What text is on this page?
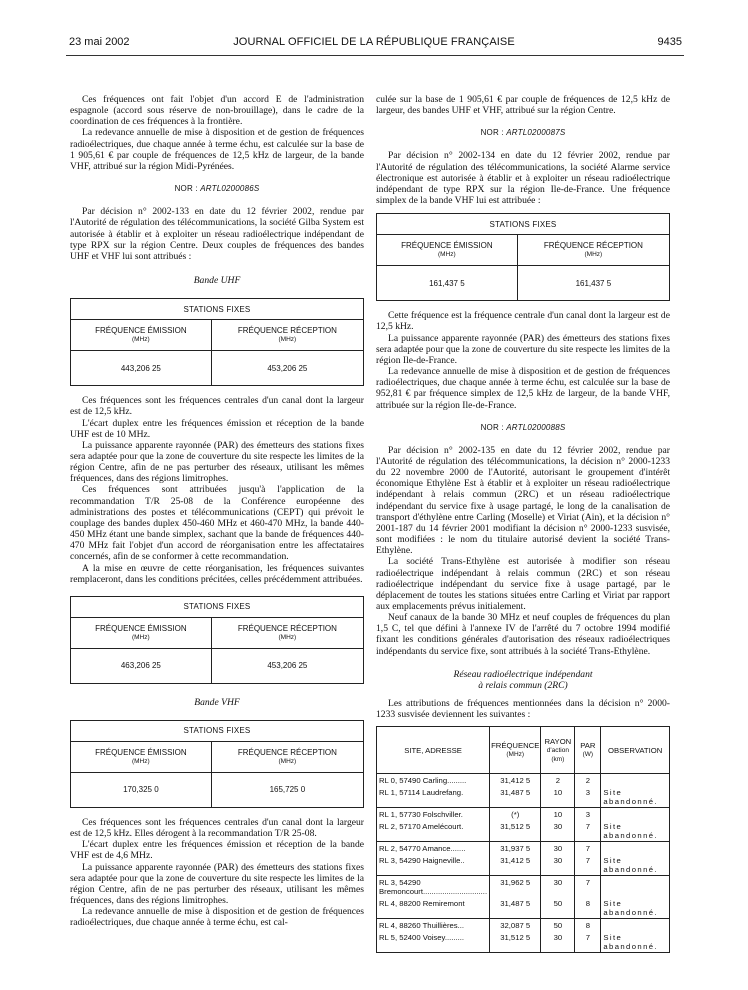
23 mai 2002	JOURNAL OFFICIEL DE LA RÉPUBLIQUE FRANÇAISE	9435

Ces fréquences ont fait l'objet d'un accord E de l'administration espagnole (accord sous réserve de non-brouillage), dans le cadre de la coordination de ces fréquences à la frontière.

La redevance annuelle de mise à disposition et de gestion de fréquences radioélectriques, due chaque année à terme échu, est calculée sur la base de 1 905,61 € par couple de fréquences de 12,5 kHz de largeur, de la bande VHF, attribué sur la région Midi-Pyrénées.

NOR : ARTL0200086S

Par décision n° 2002-133 en date du 12 février 2002, rendue par l'Autorité de régulation des télécommunications, la société Gilba System est autorisée à établir et à exploiter un réseau radioélectrique indépendant de type RPX sur la région Centre. Deux couples de fréquences des bandes UHF et VHF lui sont attribués :

Bande UHF
STATIONS FIXES	
FRÉQUENCE ÉMISSION
(MHz)	FRÉQUENCE RÉCEPTION
(MHz)

443,206 25	453,206 25

Ces fréquences sont les fréquences centrales d'un canal dont la largeur est de 12,5 kHz.

L'écart duplex entre les fréquences émission et réception de la bande UHF est de 10 MHz.

La puissance apparente rayonnée (PAR) des émetteurs des stations fixes sera adaptée pour que la zone de couverture du site respecte les limites de la région Centre, afin de ne pas perturber des réseaux, utilisant les mêmes fréquences, dans des régions limitrophes.

Ces fréquences sont attribuées jusqu'à l'application de la recommandation T/R 25-08 de la Conférence européenne des administrations des postes et télécommunications (CEPT) qui prévoit le couplage des bandes duplex 450-460 MHz et 460-470 MHz, la bande 440-450 MHz étant une bande simplex, sachant que la bande de fréquences 440-470 MHz fait l'objet d'un accord de réorganisation entre les affectataires concernés, afin de se conformer à cette recommandation.

A la mise en œuvre de cette réorganisation, les fréquences suivantes remplaceront, dans les conditions précitées, celles précédemment attribuées.

STATIONS FIXES	
FRÉQUENCE ÉMISSION
(MHz)	FRÉQUENCE RÉCEPTION
(MHz)

463,206 25	453,206 25
Bande VHF
STATIONS FIXES	
FRÉQUENCE ÉMISSION
(MHz)	FRÉQUENCE RÉCEPTION
(MHz)

170,325 0	165,725 0

Ces fréquences sont les fréquences centrales d'un canal dont la largeur est de 12,5 kHz. Elles dérogent à la recommandation T/R 25-08.

L'écart duplex entre les fréquences émission et réception de la bande VHF est de 4,6 MHz.

La puissance apparente rayonnée (PAR) des émetteurs des stations fixes sera adaptée pour que la zone de couverture du site respecte les limites de la région Centre, afin de ne pas perturber des réseaux, utilisant les mêmes fréquences, dans des régions limitrophes.

La redevance annuelle de mise à disposition et de gestion de fréquences radioélectriques, due chaque année à terme échu, est cal-

culée sur la base de 1 905,61 € par couple de fréquences de 12,5 kHz de largeur, des bandes UHF et VHF, attribué sur la région Centre.

NOR : ARTL0200087S

Par décision n° 2002-134 en date du 12 février 2002, rendue par l'Autorité de régulation des télécommunications, la société Alarme service électronique est autorisée à établir et à exploiter un réseau radioélectrique indépendant de type RPX sur la région Ile-de-France. Une fréquence simplex de la bande VHF lui est attribuée :

STATIONS FIXES	
FRÉQUENCE ÉMISSION
(MHz)	FRÉQUENCE RÉCEPTION
(MHz)

161,437 5	161,437 5

Cette fréquence est la fréquence centrale d'un canal dont la largeur est de 12,5 kHz.

La puissance apparente rayonnée (PAR) des émetteurs des stations fixes sera adaptée pour que la zone de couverture du site respecte les limites de la région Ile-de-France.

La redevance annuelle de mise à disposition et de gestion de fréquences radioélectriques, due chaque année à terme échu, est calculée sur la base de 952,81 € par fréquence simplex de 12,5 kHz de largeur, de la bande VHF, attribuée sur la région Ile-de-France.

NOR : ARTL0200088S

Par décision n° 2002-135 en date du 12 février 2002, rendue par l'Autorité de régulation des télécommunications, la décision n° 2000-1233 du 22 novembre 2000 de l'Autorité, autorisant le groupement d'intérêt économique Ethylène Est à établir et à exploiter un réseau radioélectrique indépendant à relais commun (2RC) et un réseau radioélectrique indépendant du service fixe à usage partagé, le long de la canalisation de transport d'éthylène entre Carling (Moselle) et Viriat (Ain), et la décision n° 2001-187 du 14 février 2001 modifiant la décision n° 2000-1233 susvisée, sont modifiées : le nom du titulaire autorisé devient la société Trans-Ethylène.

La société Trans-Ethylène est autorisée à modifier son réseau radioélectrique indépendant à relais commun (2RC) et son réseau radioélectrique indépendant du service fixe à usage partagé, par le déplacement de toutes les stations situées entre Carling et Viriat par rapport aux emplacements prévus initialement.

Neuf canaux de la bande 30 MHz et neuf couples de fréquences du plan 1,5 C, tel que défini à l'annexe IV de l'arrêté du 7 octobre 1994 modifié fixant les conditions générales d'autorisation des réseaux radioélectriques indépendants du service fixe, sont attribués à la société Trans-Ethylène.

Réseau radioélectrique indépendant
à relais commun (2RC)

Les attributions de fréquences mentionnées dans la décision n° 2000-1233 susvisée deviennent les suivantes :

SITE, ADRESSE	FRÉQUENCE
(MHz)	RAYON
d'action
(km)	PAR
(W)	OBSERVATION
RL 0, 57490 Carling.........	31,412 5	2	2	
RL 1, 57114 Laudrefang.	31,487 5	10	3	Site abandonné.
RL 1, 57730 Folschviller.	(*)	10	3	
RL 2, 57170 Amelécourt.	31,512 5	30	7	Site abandonné.
RL 2, 54770 Amance.......	31,937 5	30	7	
RL 3, 54290 Haigneville..	31,412 5	30	7	Site abandonné.
RL 3, 54290 Bremoncourt..............................	31,962 5	30	7	
RL 4, 88200 Remiremont	31,487 5	50	8	Site abandonné.
RL 4, 88260 Thuillières...	32,087 5	50	8	
RL 5, 52400 Voisey.........	31,512 5	30	7	Site abandonné.
